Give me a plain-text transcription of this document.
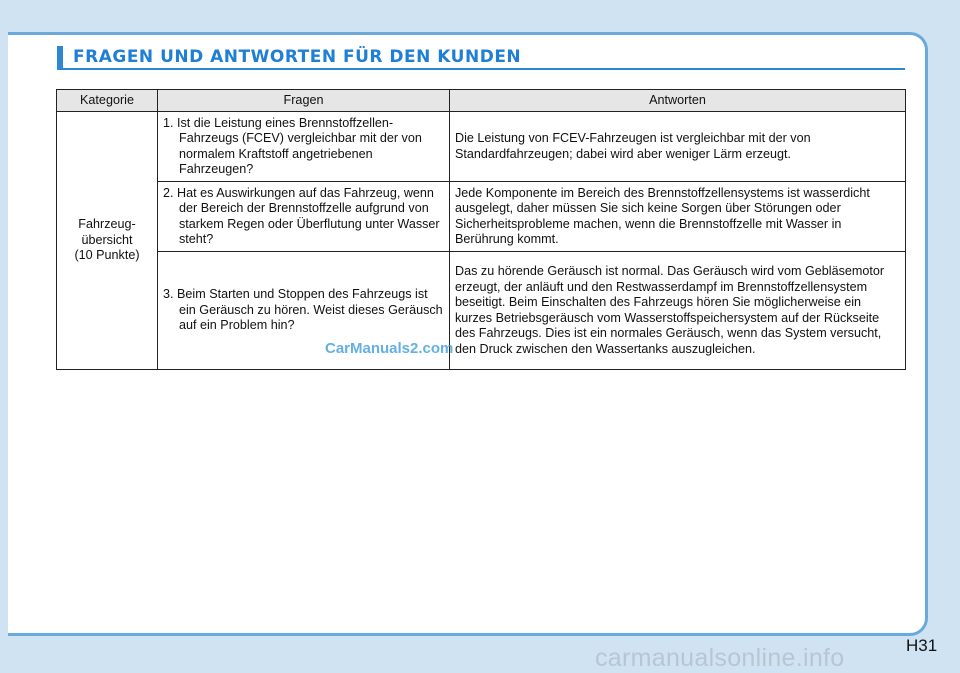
FRAGEN UND ANTWORTEN FÜR DEN KUNDEN
Kategorie	Fragen	Antworten
Fahrzeug-
übersicht
(10 Punkte)	1. Ist die Leistung eines Brennstoffzellen-Fahrzeugs (FCEV) vergleichbar mit der von normalem Kraftstoff angetriebenen Fahrzeugen?	Die Leistung von FCEV-Fahrzeugen ist vergleichbar mit der von Standardfahrzeugen; dabei wird aber weniger Lärm erzeugt.

	2. Hat es Auswirkungen auf das Fahrzeug, wenn der Bereich der Brennstoffzelle aufgrund von starkem Regen oder Überflutung unter Wasser steht?	Jede Komponente im Bereich des Brennstoffzellensystems ist wasserdicht ausgelegt, daher müssen Sie sich keine Sorgen über Störungen oder Sicherheitsprobleme machen, wenn die Brennstoffzelle mit Wasser in Berührung kommt.

	3. Beim Starten und Stoppen des Fahrzeugs ist ein Geräusch zu hören. Weist dieses Geräusch auf ein Problem hin?	Das zu hörende Geräusch ist normal. Das Geräusch wird vom Gebläsemotor erzeugt, der anläuft und den Restwasserdampf im Brennstoffzellensystem beseitigt. Beim Einschalten des Fahrzeugs hören Sie möglicherweise ein kurzes Betriebsgeräusch vom Wasserstoffspeichersystem auf der Rückseite des Fahrzeugs. Dies ist ein normales Geräusch, wenn das System versucht, den Druck zwischen den Wassertanks auszugleichen.
CarManuals2.com
H31
carmanualsonline.info
